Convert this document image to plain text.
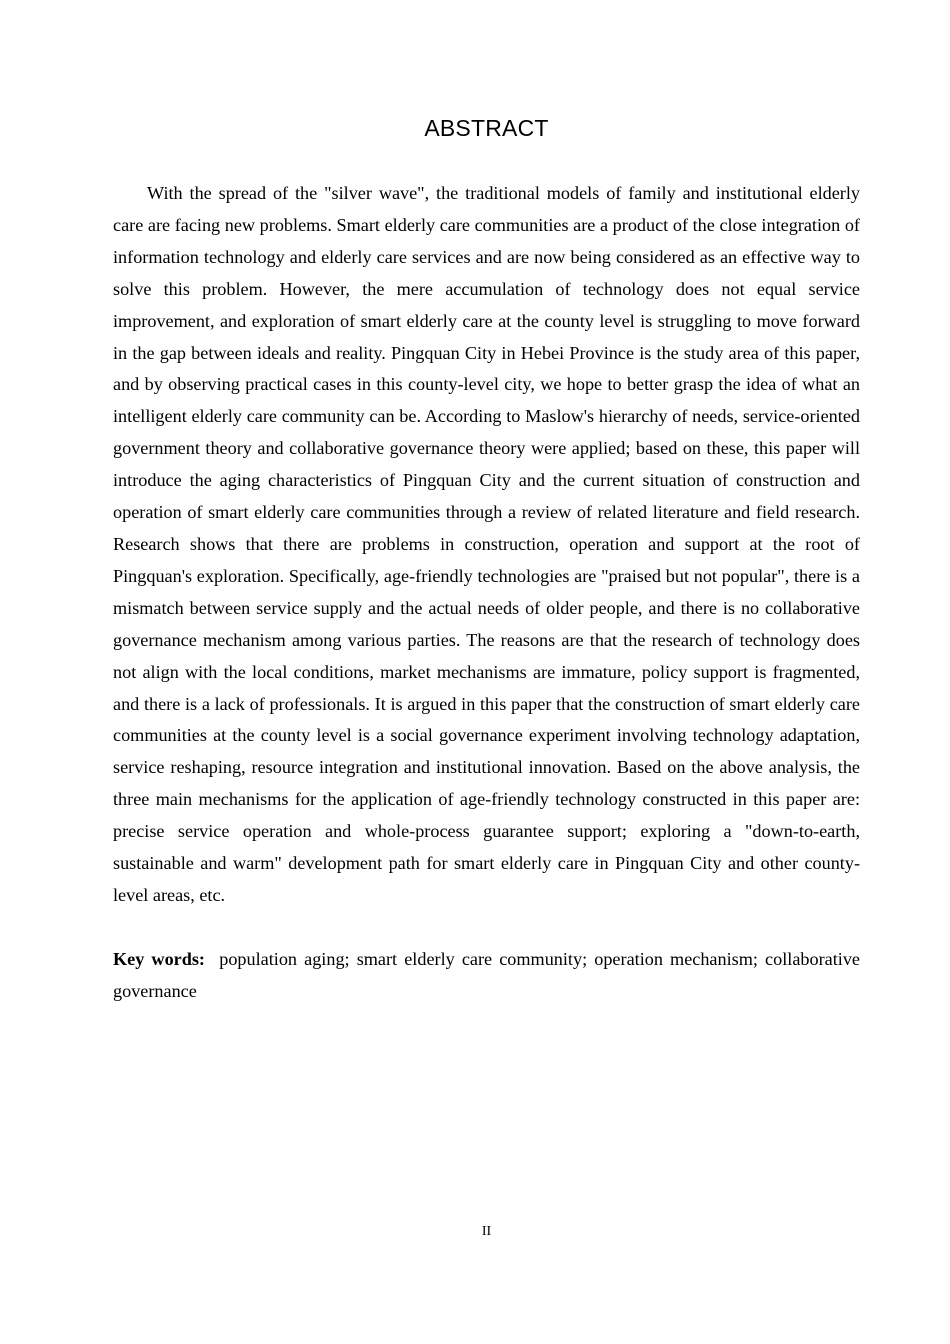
ABSTRACT

With the spread of the "silver wave", the traditional models of family and institutional elderly care are facing new problems. Smart elderly care communities are a product of the close integration of information technology and elderly care services and are now being considered as an effective way to solve this problem. However, the mere accumulation of technology does not equal service improvement, and exploration of smart elderly care at the county level is struggling to move forward in the gap between ideals and reality. Pingquan City in Hebei Province is the study area of this paper, and by observing practical cases in this county-level city, we hope to better grasp the idea of what an intelligent elderly care community can be. According to Maslow's hierarchy of needs, service-oriented government theory and collaborative governance theory were applied; based on these, this paper will introduce the aging characteristics of Pingquan City and the current situation of construction and operation of smart elderly care communities through a review of related literature and field research. Research shows that there are problems in construction, operation and support at the root of Pingquan's exploration. Specifically, age-friendly technologies are "praised but not popular", there is a mismatch between service supply and the actual needs of older people, and there is no collaborative governance mechanism among various parties. The reasons are that the research of technology does not align with the local conditions, market mechanisms are immature, policy support is fragmented, and there is a lack of professionals. It is argued in this paper that the construction of smart elderly care communities at the county level is a social governance experiment involving technology adaptation, service reshaping, resource integration and institutional innovation. Based on the above analysis, the three main mechanisms for the application of age-friendly technology constructed in this paper are: precise service operation and whole-process guarantee support; exploring a "down-to-earth, sustainable and warm" development path for smart elderly care in Pingquan City and other county-level areas, etc.

Key words: population aging; smart elderly care community; operation mechanism; collaborative governance

II
